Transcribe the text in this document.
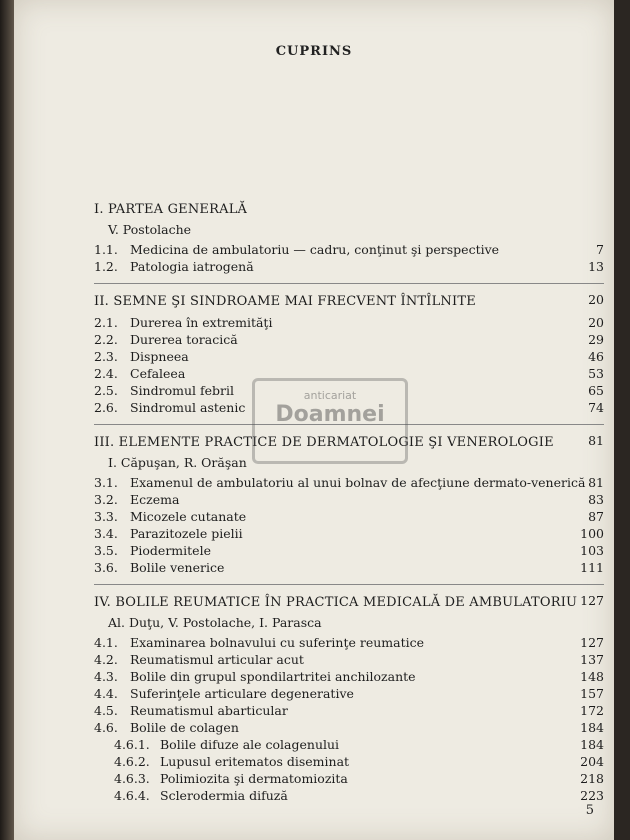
CUPRINS
I. PARTEA GENERALĂ
V. Postolache
1.1. Medicina de ambulatoriu — cadru, conţinut şi perspective	7
1.2. Patologia iatrogenă	13
II. SEMNE ŞI SINDROAME MAI FRECVENT ÎNTÎLNITE	20
2.1. Durerea în extremităţi	20
2.2. Durerea toracică	29
2.3. Dispneea	46
2.4. Cefaleea	53
2.5. Sindromul febril	65
2.6. Sindromul astenic	74
III. ELEMENTE PRACTICE DE DERMATOLOGIE ŞI VENEROLOGIE	81
I. Căpuşan, R. Orăşan
3.1. Examenul de ambulatoriu al unui bolnav de afecţiune dermato-venerică 81
3.2. Eczema	83
3.3. Micozele cutanate	87
3.4. Parazitozele pielii	100
3.5. Piodermitele	103
3.6. Bolile venerice	111
IV. BOLILE REUMATICE ÎN PRACTICA MEDICALĂ DE AMBULATORIU 127
Al. Duţu, V. Postolache, I. Parasca
4.1. Examinarea bolnavului cu suferinţe reumatice	127
4.2. Reumatismul articular acut	137
4.3. Bolile din grupul spondilartritei anchilozante	148
4.4. Suferinţele articulare degenerative	157
4.5. Reumatismul abarticular	172
4.6. Bolile de colagen	184
4.6.1. Bolile difuze ale colagenului	184
4.6.2. Lupusul eritematos diseminat	204
4.6.3. Polimiozita şi dermatomiozita	218
4.6.4. Sclerodermia difuză	223
anticariat
Doamnei
5
